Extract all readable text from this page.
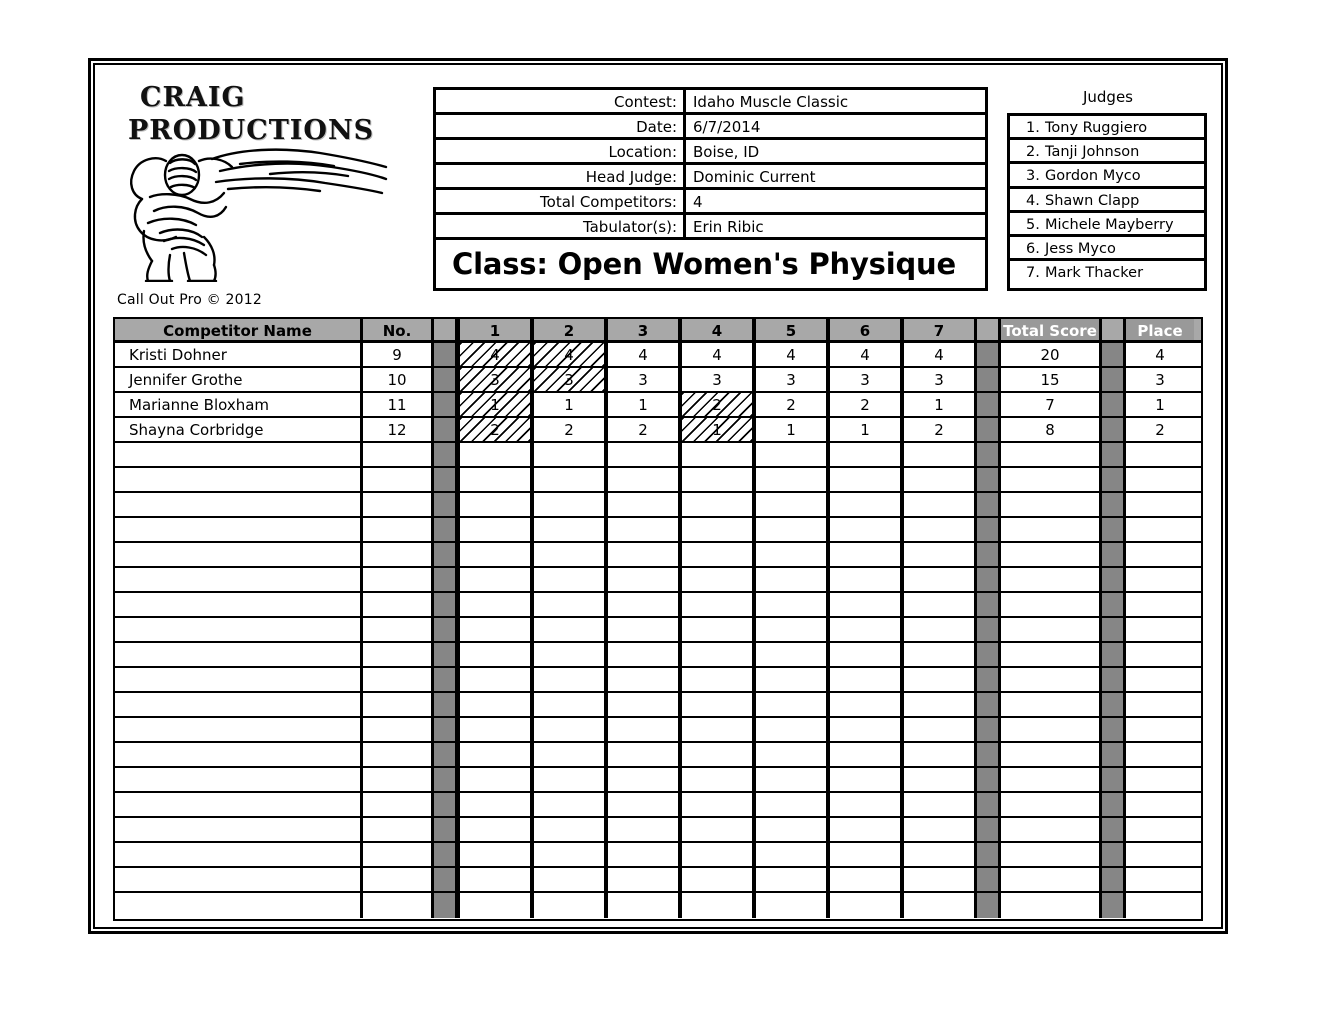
CRAIG
PRODUCTIONS
Call Out Pro © 2012
Contest:	Idaho Muscle Classic
Date:	6/7/2014
Location:	Boise, ID
Head Judge:	Dominic Current
Total Competitors:	4
Tabulator(s):	Erin Ribic
Class: Open Women's Physique
Judges
1. Tony Ruggiero
2. Tanji Johnson
3. Gordon Myco
4. Shawn Clapp
5. Michele Mayberry
6. Jess Myco
7. Mark Thacker
Competitor Name	No.	1	2	3	4	5	6	7	Total Score	Place
Kristi Dohner	9	4	4	4	4	4	4	4	20	4
Jennifer Grothe	10	3	3	3	3	3	3	3	15	3
Marianne Bloxham	11	1	1	1	2	2	2	1	7	1
Shayna Corbridge	12	2	2	2	1	1	1	2	8	2
